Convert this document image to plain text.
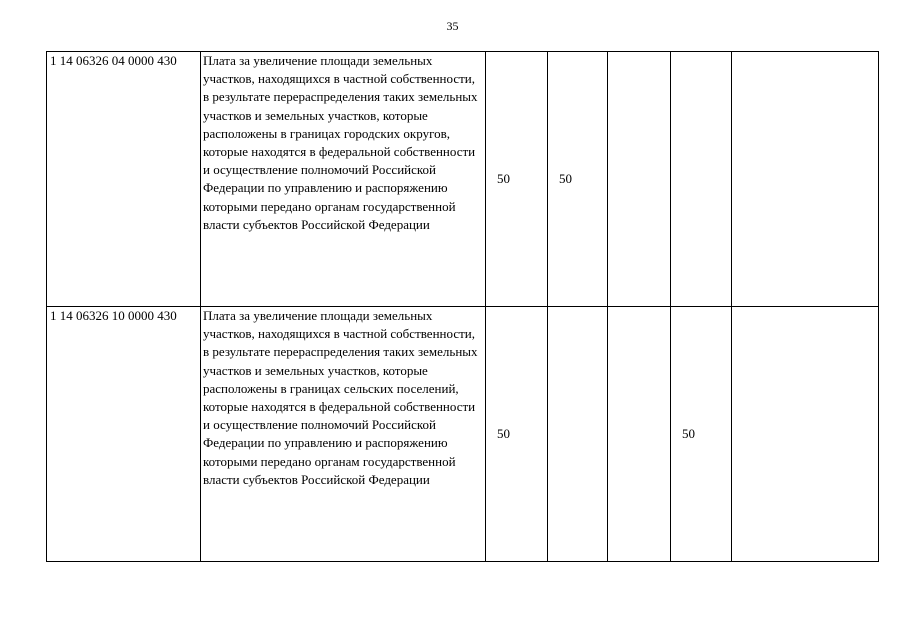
35
1 14 06326 04 0000 430	Плата за увеличение площади земельных участков, находящихся в частной собственности, в результате перераспределения таких земельных участков и земельных участков, которые расположены в границах городских округов, которые находятся в федеральной собственности и осуществление полномочий Российской Федерации по управлению и распоряжению которыми передано органам государственной власти субъектов Российской Федерации	50	50			
1 14 06326 10 0000 430	Плата за увеличение площади земельных участков, находящихся в частной собственности, в результате перераспределения таких земельных участков и земельных участков, которые расположены в границах сельских поселений, которые находятся в федеральной собственности и осуществление полномочий Российской Федерации по управлению и распоряжению которыми передано органам государственной власти субъектов Российской Федерации	50			50	
